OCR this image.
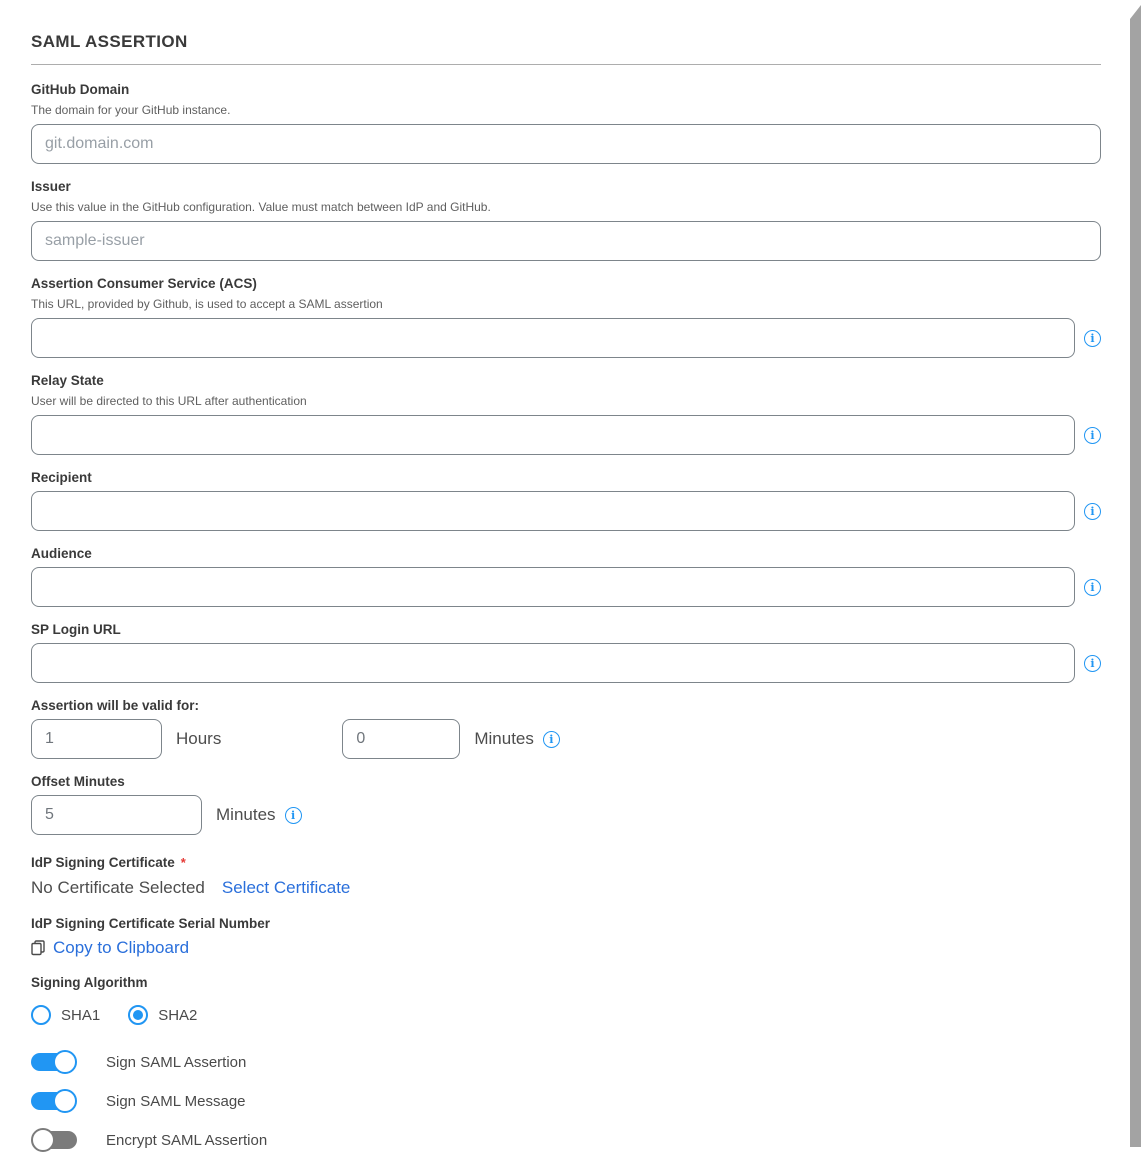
SAML ASSERTION
GitHub Domain
The domain for your GitHub instance.
git.domain.com
Issuer
Use this value in the GitHub configuration. Value must match between IdP and GitHub.
sample-issuer
Assertion Consumer Service (ACS)
This URL, provided by Github, is used to accept a SAML assertion
i
Relay State
User will be directed to this URL after authentication
i
Recipient
i
Audience
i
SP Login URL
i
Assertion will be valid for:
1
Hours
0	Minutes	i
Offset Minutes
5
Minutes	i
IdP Signing Certificate *
No Certificate Selected Select Certificate
IdP Signing Certificate Serial Number
Copy to Clipboard
Signing Algorithm
SHA1	SHA2
Sign SAML Assertion
Sign SAML Message
Encrypt SAML Assertion
